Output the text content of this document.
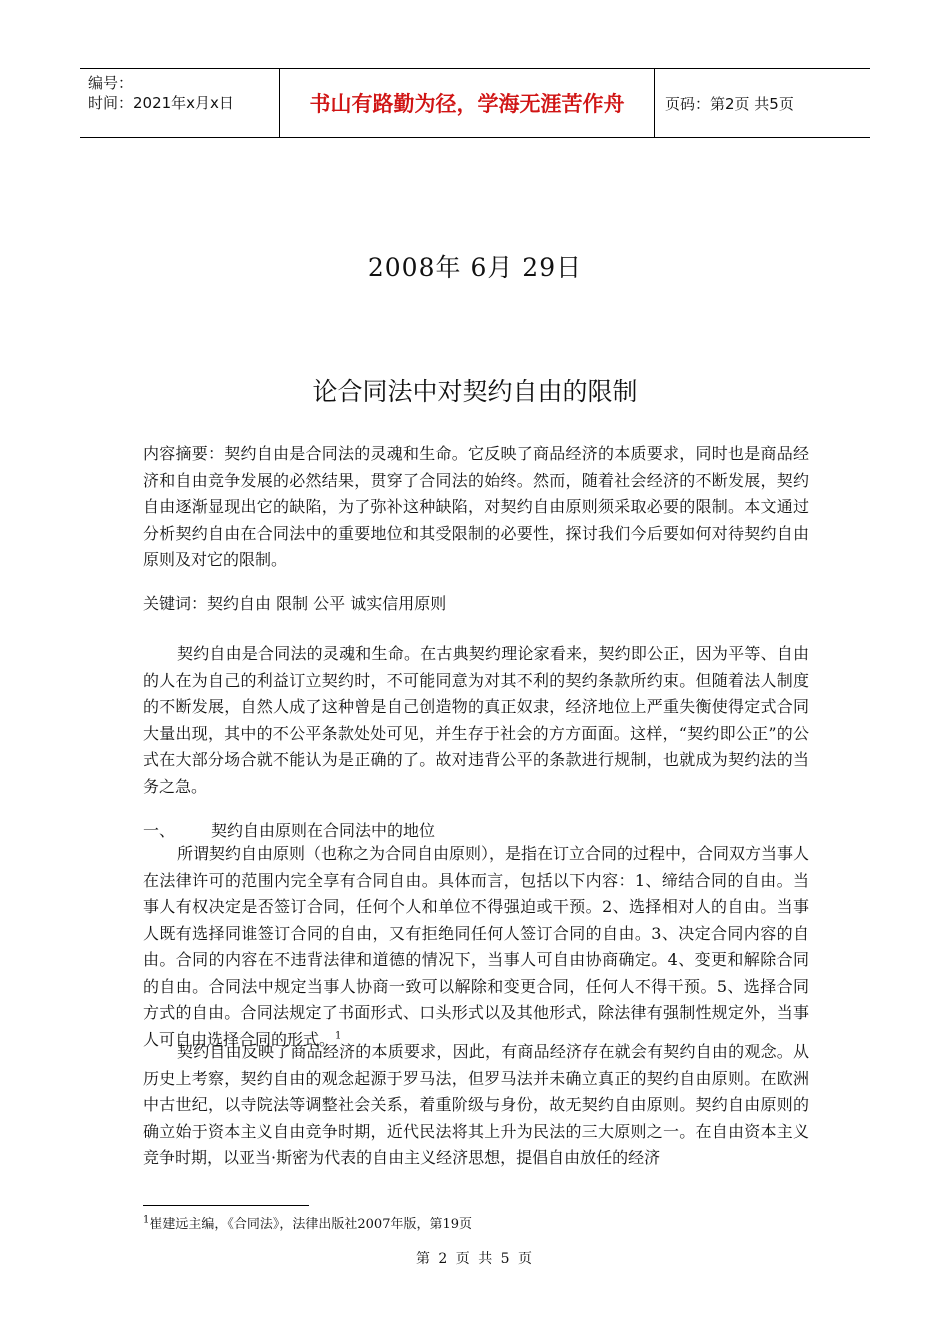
编号：
时间：2021年x月x日	书山有路勤为径，学海无涯苦作舟	页码：第2页 共5页
2008年 6月 29日
论合同法中对契约自由的限制
内容摘要：契约自由是合同法的灵魂和生命。它反映了商品经济的本质要求，同时也是商品经济和自由竞争发展的必然结果，贯穿了合同法的始终。然而，随着社会经济的不断发展，契约自由逐渐显现出它的缺陷，为了弥补这种缺陷，对契约自由原则须采取必要的限制。本文通过分析契约自由在合同法中的重要地位和其受限制的必要性，探讨我们今后要如何对待契约自由原则及对它的限制。
关键词：契约自由 限制 公平 诚实信用原则
契约自由是合同法的灵魂和生命。在古典契约理论家看来，契约即公正，因为平等、自由的人在为自己的利益订立契约时，不可能同意为对其不利的契约条款所约束。但随着法人制度的不断发展，自然人成了这种曾是自己创造物的真正奴隶，经济地位上严重失衡使得定式合同大量出现，其中的不公平条款处处可见，并生存于社会的方方面面。这样，“契约即公正”的公式在大部分场合就不能认为是正确的了。故对违背公平的条款进行规制，也就成为契约法的当务之急。
一、 契约自由原则在合同法中的地位
所谓契约自由原则（也称之为合同自由原则），是指在订立合同的过程中，合同双方当事人在法律许可的范围内完全享有合同自由。具体而言，包括以下内容：1、缔结合同的自由。当事人有权决定是否签订合同，任何个人和单位不得强迫或干预。2、选择相对人的自由。当事人既有选择同谁签订合同的自由，又有拒绝同任何人签订合同的自由。3、决定合同内容的自由。合同的内容在不违背法律和道德的情况下，当事人可自由协商确定。4、变更和解除合同的自由。合同法中规定当事人协商一致可以解除和变更合同，任何人不得干预。5、选择合同方式的自由。合同法规定了书面形式、口头形式以及其他形式，除法律有强制性规定外，当事人可自由选择合同的形式。$^1$
契约自由反映了商品经济的本质要求，因此，有商品经济存在就会有契约自由的观念。从历史上考察，契约自由的观念起源于罗马法，但罗马法并未确立真正的契约自由原则。在欧洲中古世纪，以寺院法等调整社会关系，着重阶级与身份，故无契约自由原则。契约自由原则的确立始于资本主义自由竞争时期，近代民法将其上升为民法的三大原则之一。在自由资本主义竞争时期，以亚当·斯密为代表的自由主义经济思想，提倡自由放任的经济
$^1$崔建远主编，《合同法》，法律出版社2007年版，第19页
第 2 页 共 5 页
